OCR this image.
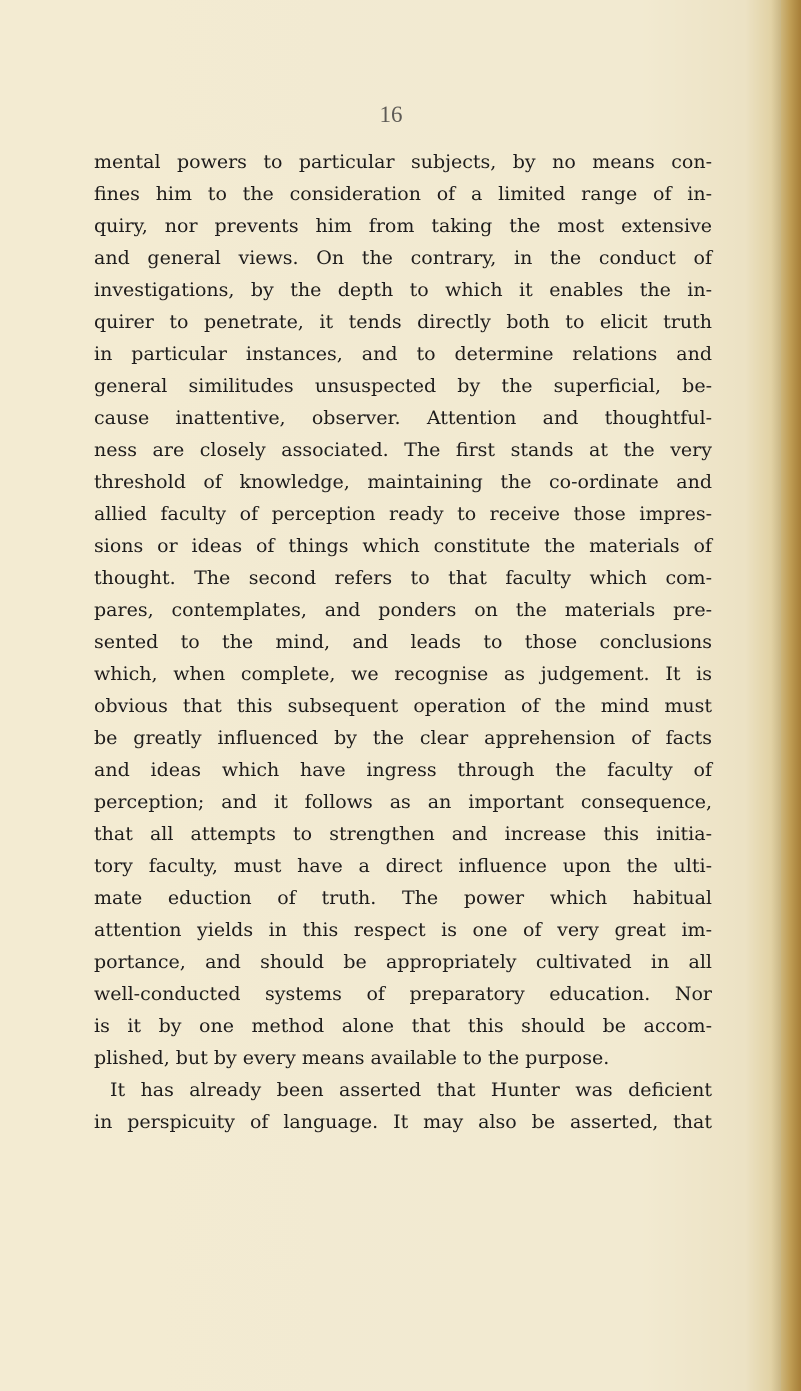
16
mental powers to particular subjects, by no means con-
fines him to the consideration of a limited range of in-
quiry, nor prevents him from taking the most extensive
and general views. On the contrary, in the conduct of
investigations, by the depth to which it enables the in-
quirer to penetrate, it tends directly both to elicit truth
in particular instances, and to determine relations and
general similitudes unsuspected by the superficial, be-
cause inattentive, observer. Attention and thoughtful-
ness are closely associated. The first stands at the very
threshold of knowledge, maintaining the co-ordinate and
allied faculty of perception ready to receive those impres-
sions or ideas of things which constitute the materials of
thought. The second refers to that faculty which com-
pares, contemplates, and ponders on the materials pre-
sented to the mind, and leads to those conclusions
which, when complete, we recognise as judgement. It is
obvious that this subsequent operation of the mind must
be greatly influenced by the clear apprehension of facts
and ideas which have ingress through the faculty of
perception; and it follows as an important consequence,
that all attempts to strengthen and increase this initia-
tory faculty, must have a direct influence upon the ulti-
mate eduction of truth. The power which habitual
attention yields in this respect is one of very great im-
portance, and should be appropriately cultivated in all
well-conducted systems of preparatory education. Nor
is it by one method alone that this should be accom-
plished, but by every means available to the purpose.
It has already been asserted that Hunter was deficient
in perspicuity of language. It may also be asserted, that
